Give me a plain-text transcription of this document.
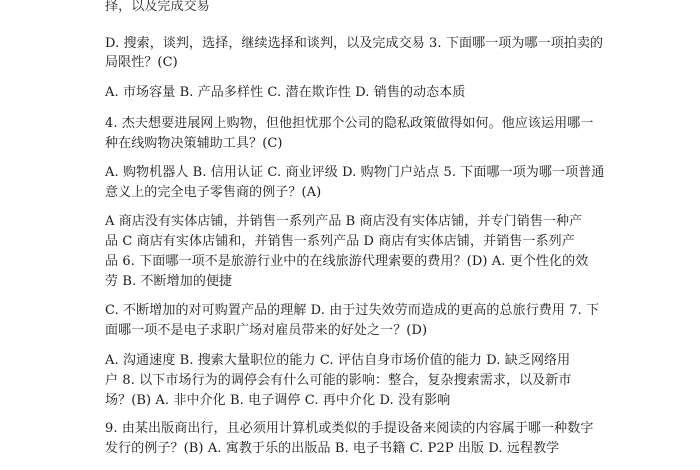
择，以及完成交易

D. 搜索，谈判，选择，继续选择和谈判，以及完成交易 3. 下面哪一项为哪一项拍卖的

局限性？(C)

A. 市场容量 B. 产品多样性 C. 潜在欺诈性 D. 销售的动态本质

4. 杰夫想要进展网上购物，但他担忧那个公司的隐私政策做得如何。他应该运用哪一

种在线购物决策辅助工具？(C)

A. 购物机器人 B. 信用认证 C. 商业评级 D. 购物门户站点 5. 下面哪一项为哪一项普通

意义上的完全电子零售商的例子？(A)

A 商店没有实体店铺，并销售一系列产品 B 商店没有实体店铺，并专门销售一种产

品 C 商店有实体店铺和，并销售一系列产品 D 商店有实体店铺，并销售一系列产

品 6. 下面哪一项不是旅游行业中的在线旅游代理索要的费用？(D) A. 更个性化的效

劳 B. 不断增加的便捷

C. 不断增加的对可购置产品的理解 D. 由于过失效劳而造成的更高的总旅行费用 7. 下

面哪一项不是电子求职广场对雇员带来的好处之一？(D)

A. 沟通速度 B. 搜索大量职位的能力 C. 评估自身市场价值的能力 D. 缺乏网络用

户 8. 以下市场行为的调停会有什么可能的影响：整合，复杂搜索需求，以及新市

场？(B) A. 非中介化 B. 电子调停 C. 再中介化 D. 没有影响

9. 由某出版商出行，且必须用计算机或类似的手提设备来阅读的内容属于哪一种数字

发行的例子？(B) A. 寓教于乐的出版品 B. 电子书籍 C. P2P 出版 D. 远程教学
